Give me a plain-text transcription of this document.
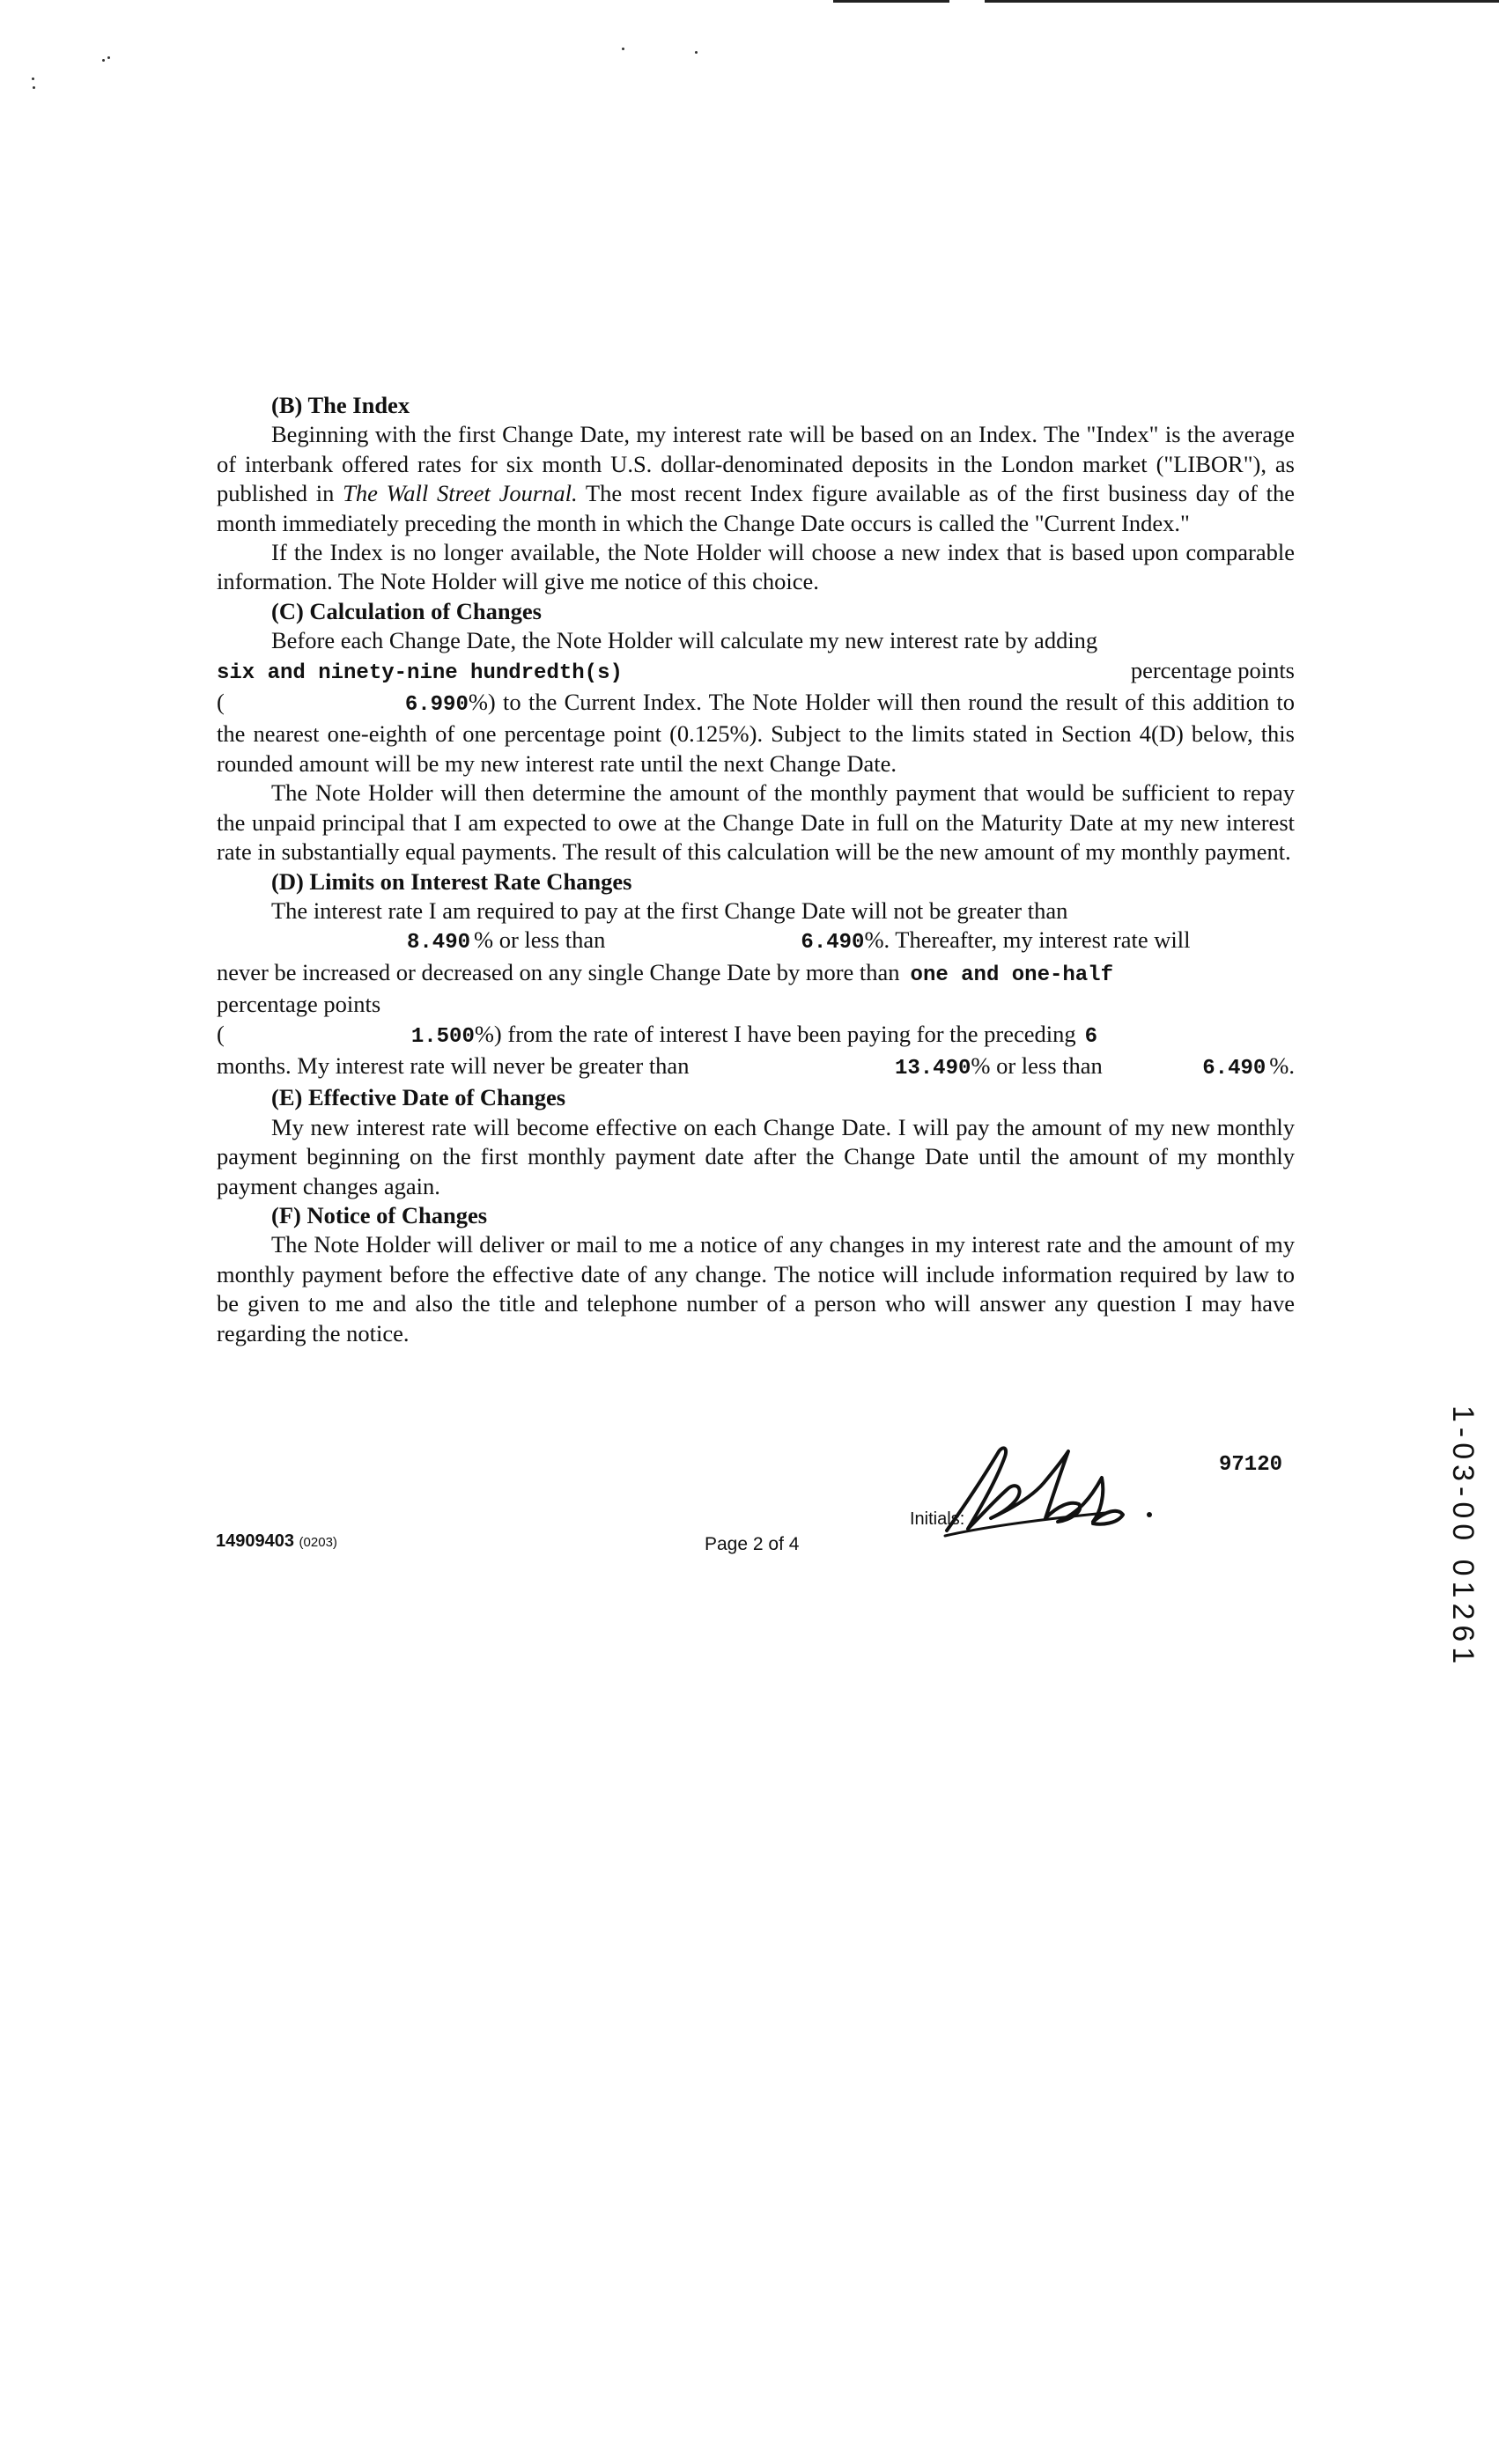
(B) The Index

Beginning with the first Change Date, my interest rate will be based on an Index. The "Index" is the average of interbank offered rates for six month U.S. dollar-denominated deposits in the London market ("LIBOR"), as published in The Wall Street Journal. The most recent Index figure available as of the first business day of the month immediately preceding the month in which the Change Date occurs is called the "Current Index."

If the Index is no longer available, the Note Holder will choose a new index that is based upon comparable information. The Note Holder will give me notice of this choice.

(C) Calculation of Changes

Before each Change Date, the Note Holder will calculate my new interest rate by adding

six and ninety-nine hundredth(s)	percentage points

(	6.990%) to the Current Index. The Note Holder will then round the result of this addition to the nearest one-eighth of one percentage point (0.125%). Subject to the limits stated in Section 4(D) below, this rounded amount will be my new interest rate until the next Change Date.

The Note Holder will then determine the amount of the monthly payment that would be sufficient to repay the unpaid principal that I am expected to owe at the Change Date in full on the Maturity Date at my new interest rate in substantially equal payments. The result of this calculation will be the new amount of my monthly payment.

(D) Limits on Interest Rate Changes

The interest rate I am required to pay at the first Change Date will not be greater than

8.490 % or less than	6.490%. Thereafter, my interest rate will
never be increased or decreased on any single Change Date by more than one and one-half

percentage points

(	1.500%) from the rate of interest I have been paying for the preceding 6
months. My interest rate will never be greater than	13.490% or less than	6.490 %.

(E) Effective Date of Changes

My new interest rate will become effective on each Change Date. I will pay the amount of my new monthly payment beginning on the first monthly payment date after the Change Date until the amount of my monthly payment changes again.

(F) Notice of Changes

The Note Holder will deliver or mail to me a notice of any changes in my interest rate and the amount of my monthly payment before the effective date of any change. The notice will include information required by law to be given to me and also the title and telephone number of a person who will answer any question I may have regarding the notice.

14909403 (0203)	Page 2 of 4
Initials:
97120	1-03-00 01261
